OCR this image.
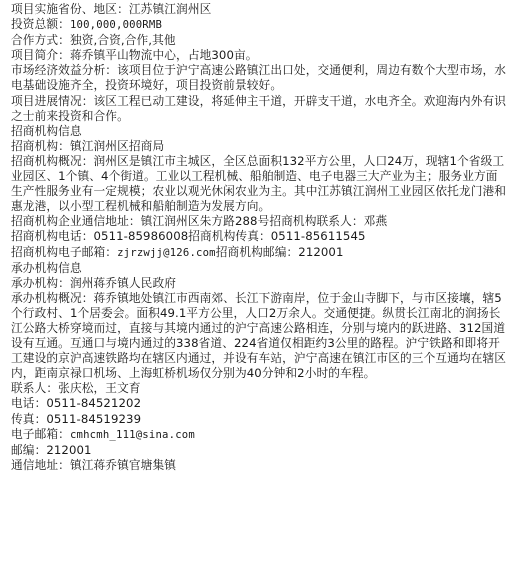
项目实施省份、地区：江苏镇江润州区

投资总额：100,000,000RMB

合作方式：独资,合资,合作,其他

项目简介：蒋乔镇平山物流中心，占地300亩。

市场经济效益分析：该项目位于沪宁高速公路镇江出口处，交通便利，周边有数个大型市场，水电基础设施齐全，投资环境好，项目投资前景较好。

项目进展情况：该区工程已动工建设，将延伸主干道，开辟支干道，水电齐全。欢迎海内外有识之士前来投资和合作。

招商机构信息

招商机构：镇江润州区招商局

招商机构概况：润州区是镇江市主城区，全区总面积132平方公里，人口24万，现辖1个省级工业园区、1个镇、4个街道。工业以工程机械、船舶制造、电子电器三大产业为主；服务业方面生产性服务业有一定规模；农业以观光休闲农业为主。其中江苏镇江润州工业园区依托龙门港和惠龙港，以小型工程机械和船舶制造为发展方向。

招商机构企业通信地址：镇江润州区朱方路288号招商机构联系人：邓燕

招商机构电话：0511-85986008招商机构传真：0511-85611545

招商机构电子邮箱：zjrzwjj@126.com招商机构邮编：212001

承办机构信息

承办机构：润州蒋乔镇人民政府

承办机构概况：蒋乔镇地处镇江市西南郊、长江下游南岸，位于金山寺脚下，与市区接壤，辖5个行政村、1个居委会。面积49.1平方公里，人口2万余人。交通便捷。纵贯长江南北的润扬长江公路大桥穿境而过，直接与其境内通过的沪宁高速公路相连，分别与境内的跃进路、312国道设有互通。互通口与境内通过的338省道、224省道仅相距约3公里的路程。沪宁铁路和即将开工建设的京沪高速铁路均在辖区内通过，并设有车站，沪宁高速在镇江市区的三个互通均在辖区内，距南京禄口机场、上海虹桥机场仅分别为40分钟和2小时的车程。

联系人：张庆松，王文育

电话：0511-84521202

传真：0511-84519239

电子邮箱：cmhcmh_111@sina.com

邮编：212001

通信地址：镇江蒋乔镇官塘集镇
